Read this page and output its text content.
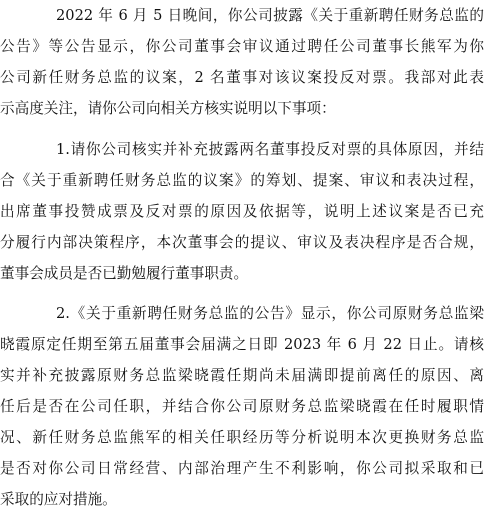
2022 年 6 月 5 日晚间，你公司披露《关于重新聘任财务总监的
公告》等公告显示，你公司董事会审议通过聘任公司董事长熊军为你
公司新任财务总监的议案，2 名董事对该议案投反对票。我部对此表
示高度关注，请你公司向相关方核实说明以下事项：
1.请你公司核实并补充披露两名董事投反对票的具体原因，并结
合《关于重新聘任财务总监的议案》的筹划、提案、审议和表决过程，
出席董事投赞成票及反对票的原因及依据等，说明上述议案是否已充
分履行内部决策程序，本次董事会的提议、审议及表决程序是否合规，
董事会成员是否已勤勉履行董事职责。
2.《关于重新聘任财务总监的公告》显示，你公司原财务总监梁
晓霞原定任期至第五届董事会届满之日即 2023 年 6 月 22 日止。请核
实并补充披露原财务总监梁晓霞任期尚未届满即提前离任的原因、离
任后是否在公司任职，并结合你公司原财务总监梁晓霞在任时履职情
况、新任财务总监熊军的相关任职经历等分析说明本次更换财务总监
是否对你公司日常经营、内部治理产生不利影响，你公司拟采取和已
采取的应对措施。
